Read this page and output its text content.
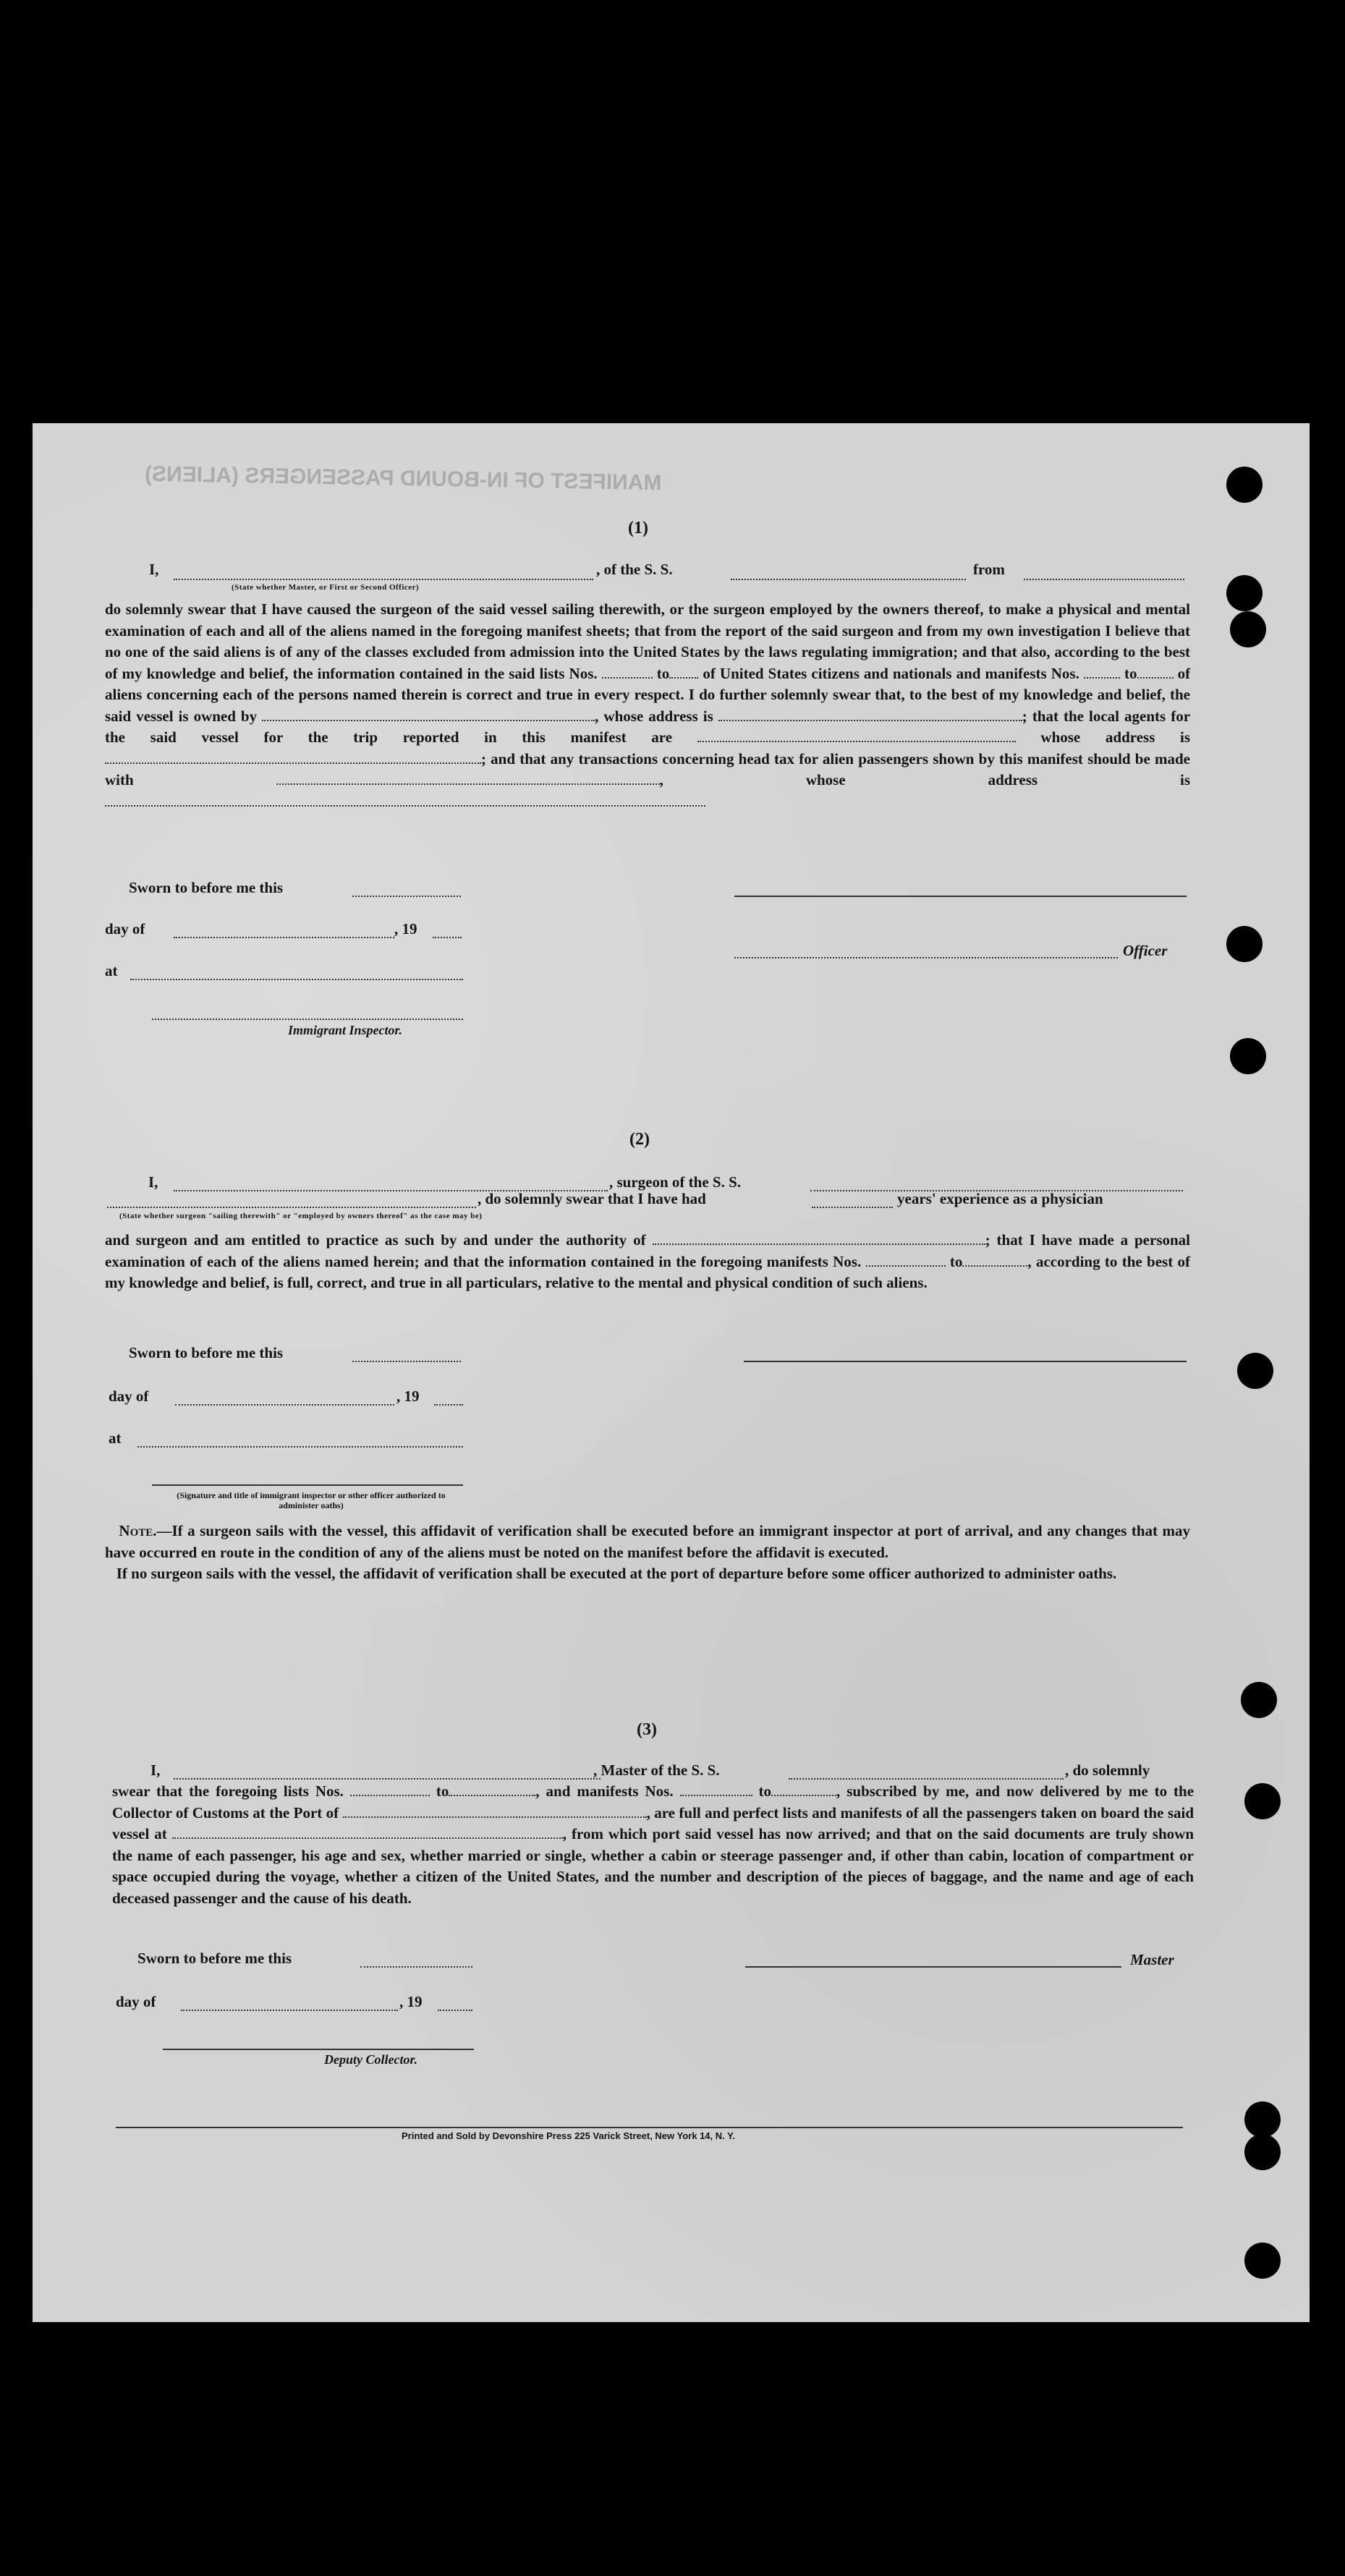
MANIFEST OF IN-BOUND PASSENGERS (ALIENS)
(1)
I,	, of the S. S.	from
(State whether Master, or First or Second Officer)

do solemnly swear that I have caused the surgeon of the said vessel sailing therewith, or the surgeon employed by the owners thereof, to make a physical and mental examination of each and all of the aliens named in the foregoing manifest sheets; that from the report of the said surgeon and from my own investigation I believe that no one of the said aliens is of any of the classes excluded from admission into the United States by the laws regulating immigration; and that also, according to the best of my knowledge and belief, the information contained in the said lists Nos.	to of United States citizens and nationals and manifests Nos.	to	of aliens concerning each of the persons named therein is correct and true in every respect. I do further solemnly swear that, to the best of my knowledge and belief, the said vessel is owned by	, whose address is	; that the local agents for the said vessel for the trip reported in this manifest are	whose address is ; and that any transactions concerning head tax for alien passengers shown by this manifest should be made with	, whose address is

Sworn to before me this
day of	, 19
Officer
at
Immigrant Inspector.
(2)
I,	, surgeon of the S. S.
, do solemnly swear that I have had	years' experience as a physician
(State whether surgeon "sailing therewith" or "employed by owners thereof" as the case may be)

and surgeon and am entitled to practice as such by and under the authority of	; that I have made a personal examination of each of the aliens named herein; and that the information contained in the foregoing manifests Nos.	to	, according to the best of my knowledge and belief, is full, correct, and true in all particulars, relative to the mental and physical condition of such aliens.

Sworn to before me this
day of	, 19
at
(Signature and title of immigrant inspector or other officer authorized to administer oaths)

Note.—If a surgeon sails with the vessel, this affidavit of verification shall be executed before an immigrant inspector at port of arrival, and any changes that may have occurred en route in the condition of any of the aliens must be noted on the manifest before the affidavit is executed.

If no surgeon sails with the vessel, the affidavit of verification shall be executed at the port of departure before some officer authorized to administer oaths.

(3)
I,	, Master of the S. S.	, do solemnly

swear that the foregoing lists Nos.	to	, and manifests Nos.	to	, subscribed by me, and now delivered by me to the Collector of Customs at the Port of	, are full and perfect lists and manifests of all the passengers taken on board the said vessel at	, from which port said vessel has now arrived; and that on the said documents are truly shown the name of each passenger, his age and sex, whether married or single, whether a cabin or steerage passenger and, if other than cabin, location of compartment or space occupied during the voyage, whether a citizen of the United States, and the number and description of the pieces of baggage, and the name and age of each deceased passenger and the cause of his death.

Sworn to before me this	Master
day of	, 19
Deputy Collector.
Printed and Sold by Devonshire Press 225 Varick Street, New York 14, N. Y.
